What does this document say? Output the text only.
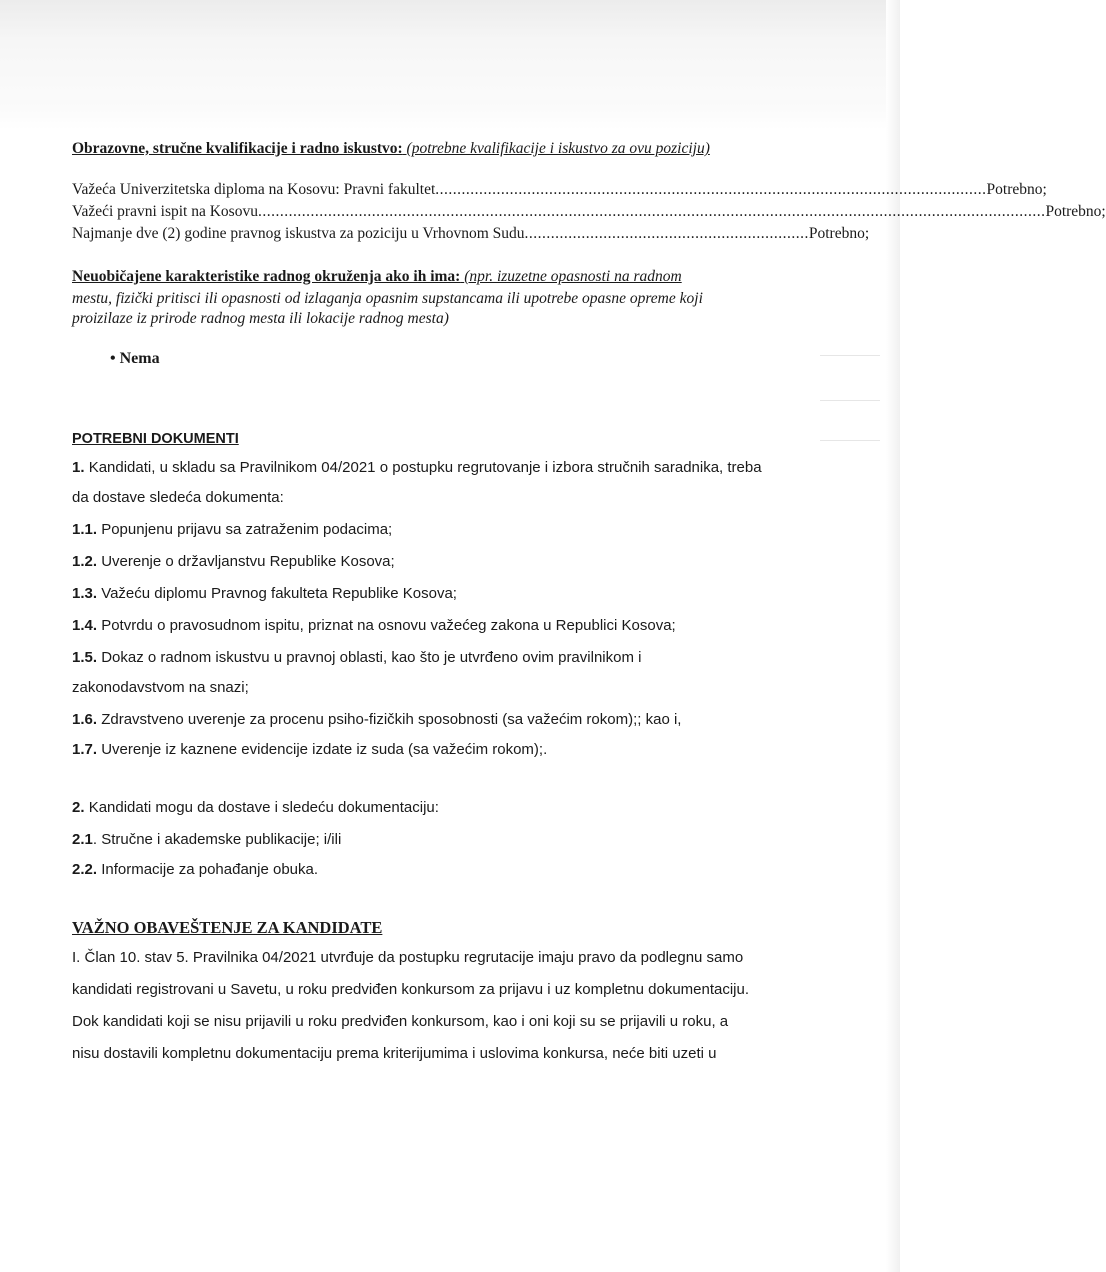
Obrazovne, stručne kvalifikacije i radno iskustvo: (potrebne kvalifikacije i iskustvo za ovu poziciju)
Važeća Univerzitetska diploma na Kosovu: Pravni fakultet .............................................................................................................................. Potrebno;
Važeći pravni ispit na Kosovu .................................................................................................................................................................................... Potrebno;
Najmanje dve (2) godine pravnog iskustva za poziciju u Vrhovnom Sudu ................................................................. Potrebno;
Neuobičajene karakteristike radnog okruženja ako ih ima: (npr. izuzetne opasnosti na radnom
mestu, fizički pritisci ili opasnosti od izlaganja opasnim supstancama ili upotrebe opasne opreme koji
proizilaze iz prirode radnog mesta ili lokacije radnog mesta)
• Nema
POTREBNI DOKUMENTI
1. Kandidati, u skladu sa Pravilnikom 04/2021 o postupku regrutovanje i izbora stručnih saradnika, treba
da dostave sledeća dokumenta:
1.1. Popunjenu prijavu sa zatraženim podacima;
1.2. Uverenje o državljanstvu Republike Kosova;
1.3. Važeću diplomu Pravnog fakulteta Republike Kosova;
1.4. Potvrdu o pravosudnom ispitu, priznat na osnovu važećeg zakona u Republici Kosova;
1.5. Dokaz o radnom iskustvu u pravnoj oblasti, kao što je utvrđeno ovim pravilnikom i
zakonodavstvom na snazi;
1.6. Zdravstveno uverenje za procenu psiho-fizičkih sposobnosti (sa važećim rokom);; kao i,
1.7. Uverenje iz kaznene evidencije izdate iz suda (sa važećim rokom);.
2. Kandidati mogu da dostave i sledeću dokumentaciju:
2.1. Stručne i akademske publikacije; i/ili
2.2. Informacije za pohađanje obuka.
VAŽNO OBAVEŠTENJE ZA KANDIDATE
I. Član 10. stav 5. Pravilnika 04/2021 utvrđuje da postupku regrutacije imaju pravo da podlegnu samo
kandidati registrovani u Savetu, u roku predviđen konkursom za prijavu i uz kompletnu dokumentaciju.
Dok kandidati koji se nisu prijavili u roku predviđen konkursom, kao i oni koji su se prijavili u roku, a
nisu dostavili kompletnu dokumentaciju prema kriterijumima i uslovima konkursa, neće biti uzeti u
